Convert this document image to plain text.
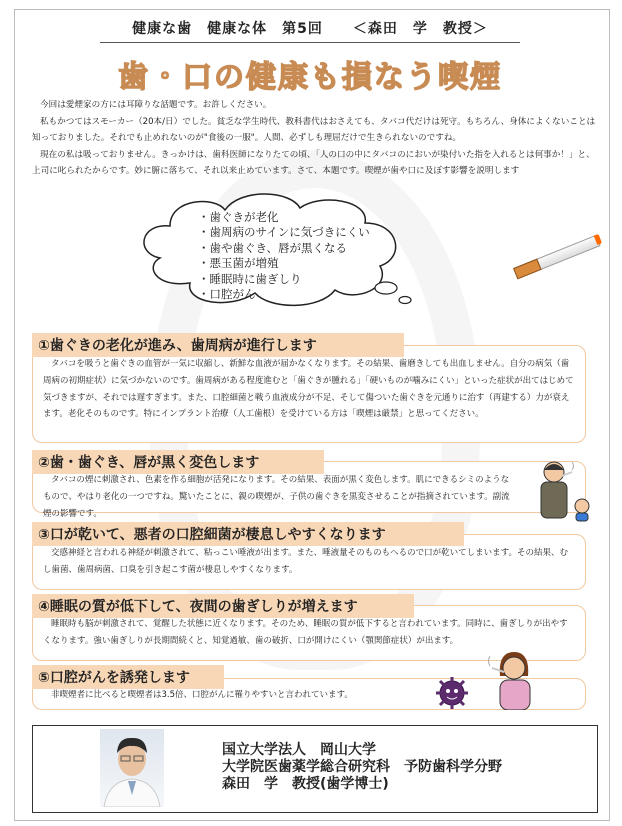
健康な歯　健康な体　第5回　　＜森田　学　教授＞
歯・口の健康も損なう喫煙

今回は愛煙家の方には耳障りな話題です。お許しください。

私もかつてはスモーカー（20本/日）でした。貧乏な学生時代、教科書代はおさえても、タバコ代だけは死守。もちろん、身体によくないことは知っておりました。それでも止めれないのが"食後の一服"。人間、必ずしも理屈だけで生きられないのですね。

現在の私は吸っておりません。きっかけは、歯科医師になりたての頃、「人の口の中にタバコのにおいが染付いた指を入れるとは何事か！」と、上司に叱られたからです。妙に腑に落ちて、それ以来止めています。さて、本題です。喫煙が歯や口に及ぼす影響を説明します

・歯ぐきが老化
・歯周病のサインに気づきにくい
・歯や歯ぐき、唇が黒くなる
・悪玉菌が増殖
・睡眠時に歯ぎしり
・口腔がん

タバコを吸うと歯ぐきの血管が一気に収縮し、新鮮な血液が届かなくなります。その結果、歯磨きしても出血しません。自分の病気（歯周病の初期症状）に気づかないのです。歯周病がある程度進むと「歯ぐきが腫れる」「硬いものが噛みにくい」といった症状が出てはじめて気づきますが、それでは遅すぎます。また、口腔細菌と戦う血液成分が不足、そして傷ついた歯ぐきを元通りに治す（再建する）力が衰えます。老化そのものです。特にインプラント治療（人工歯根）を受けている方は「喫煙は厳禁」と思ってください。

①歯ぐきの老化が進み、歯周病が進行します

タバコの煙に刺激され、色素を作る細胞が活発になります。その結果、表面が黒く変色します。肌にできるシミのようなもので、やはり老化の一つですね。驚いたことに、親の喫煙が、子供の歯ぐきを黒変させることが指摘されています。副流煙の影響です。

②歯・歯ぐき、唇が黒く変色します

交感神経と言われる神経が刺激されて、粘っこい唾液が出ます。また、唾液量そのものもへるので口が乾いてしまいます。その結果、むし歯菌、歯周病菌、口臭を引き起こす菌が棲息しやすくなります。

③口が乾いて、悪者の口腔細菌が棲息しやすくなります

睡眠時も脳が刺激されて、覚醒した状態に近くなります。そのため、睡眠の質が低下すると言われています。同時に、歯ぎしりが出やすくなります。強い歯ぎしりが長期間続くと、知覚過敏、歯の破折、口が開けにくい（顎関節症状）が出ます。

④睡眠の質が低下して、夜間の歯ぎしりが増えます

非喫煙者に比べると喫煙者は3.5倍、口腔がんに罹りやすいと言われています。

⑤口腔がんを誘発します
国立大学法人　岡山大学
大学院医歯薬学総合研究科　予防歯科学分野
森田　学　教授(歯学博士)
